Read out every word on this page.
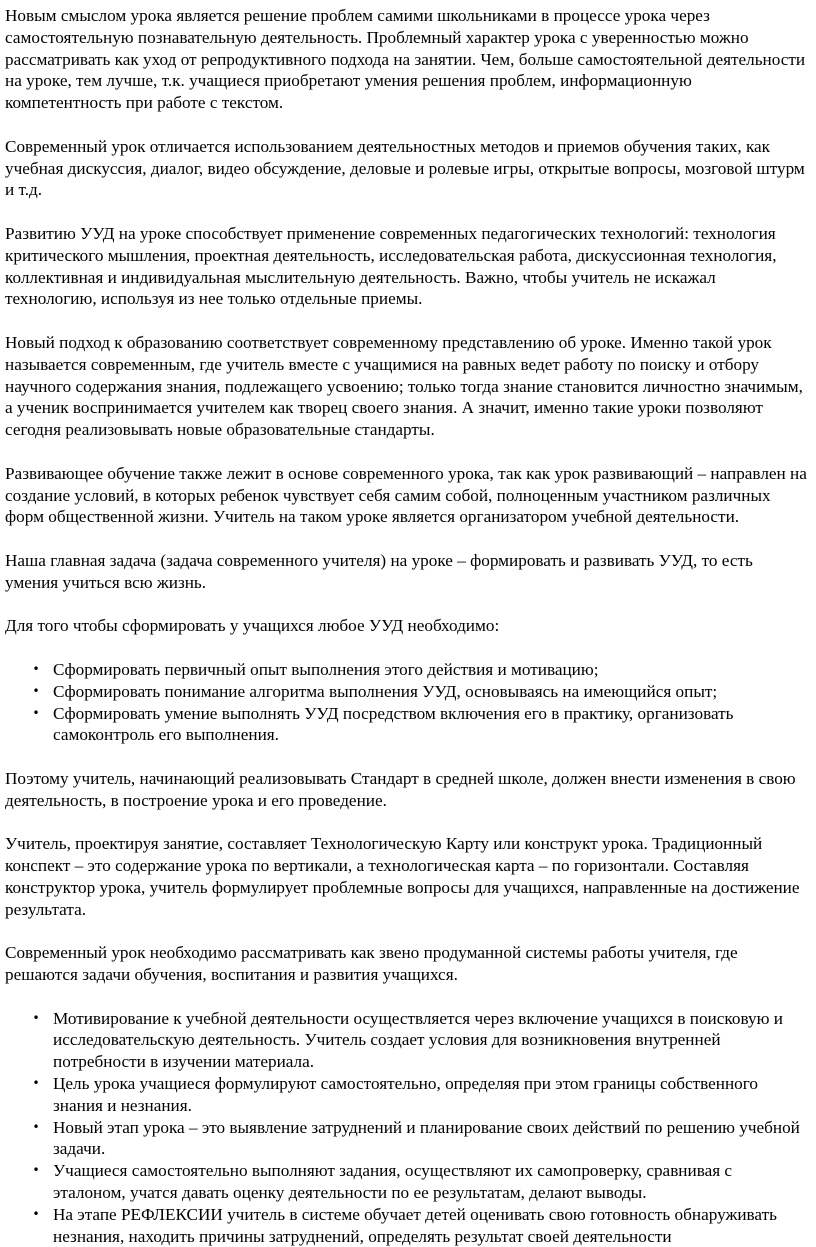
Новым смыслом урока является решение проблем самими школьниками в процессе урока через самостоятельную познавательную деятельность. Проблемный характер урока с уверенностью можно рассматривать как уход от репродуктивного подхода на занятии. Чем, больше самостоятельной деятельности на уроке, тем лучше, т.к. учащиеся приобретают умения решения проблем, информационную компетентность при работе с текстом.

Современный урок отличается использованием деятельностных методов и приемов обучения таких, как учебная дискуссия, диалог, видео обсуждение, деловые и ролевые игры, открытые вопросы, мозговой штурм и т.д.

Развитию УУД на уроке способствует применение современных педагогических технологий: технология критического мышления, проектная деятельность, исследовательская работа, дискуссионная технология, коллективная и индивидуальная мыслительную деятельность. Важно, чтобы учитель не искажал технологию, используя из нее только отдельные приемы.

Новый подход к образованию соответствует современному представлению об уроке. Именно такой урок называется современным, где учитель вместе с учащимися на равных ведет работу по поиску и отбору научного содержания знания, подлежащего усвоению; только тогда знание становится личностно значимым, а ученик воспринимается учителем как творец своего знания. А значит, именно такие уроки позволяют сегодня реализовывать новые образовательные стандарты.

Развивающее обучение также лежит в основе современного урока, так как урок развивающий – направлен на создание условий, в которых ребенок чувствует себя самим собой, полноценным участником различных форм общественной жизни. Учитель на таком уроке является организатором учебной деятельности.

Наша главная задача (задача современного учителя) на уроке – формировать и развивать УУД, то есть умения учиться всю жизнь.

Для того чтобы сформировать у учащихся любое УУД необходимо:

• Сформировать первичный опыт выполнения этого действия и мотивацию;
• Сформировать понимание алгоритма выполнения УУД, основываясь на имеющийся опыт;
• Сформировать умение выполнять УУД посредством включения его в практику, организовать самоконтроль его выполнения.

Поэтому учитель, начинающий реализовывать Стандарт в средней школе, должен внести изменения в свою деятельность, в построение урока и его проведение.

Учитель, проектируя занятие, составляет Технологическую Карту или конструкт урока. Традиционный конспект – это содержание урока по вертикали, а технологическая карта – по горизонтали. Составляя конструктор урока, учитель формулирует проблемные вопросы для учащихся, направленные на достижение результата.

Современный урок необходимо рассматривать как звено продуманной системы работы учителя, где решаются задачи обучения, воспитания и развития учащихся.

• Мотивирование к учебной деятельности осуществляется через включение учащихся в поисковую и исследовательскую деятельность. Учитель создает условия для возникновения внутренней потребности в изучении материала.
• Цель урока учащиеся формулируют самостоятельно, определяя при этом границы собственного знания и незнания.
• Новый этап урока – это выявление затруднений и планирование своих действий по решению учебной задачи.
• Учащиеся самостоятельно выполняют задания, осуществляют их самопроверку, сравнивая с эталоном, учатся давать оценку деятельности по ее результатам, делают выводы.
• На этапе РЕФЛЕКСИИ учитель в системе обучает детей оценивать свою готовность обнаруживать незнания, находить причины затруднений, определять результат своей деятельности
